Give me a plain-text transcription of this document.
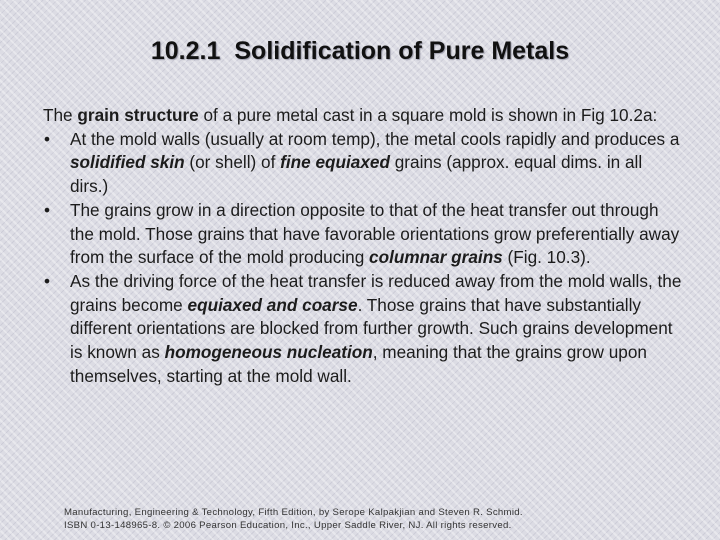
10.2.1 Solidification of Pure Metals

The grain structure of a pure metal cast in a square mold is shown in Fig 10.2a:

• At the mold walls (usually at room temp), the metal cools rapidly and produces a solidified skin (or shell) of fine equiaxed grains (approx. equal dims. in all dirs.)
• The grains grow in a direction opposite to that of the heat transfer out through the mold. Those grains that have favorable orientations grow preferentially away from the surface of the mold producing columnar grains (Fig. 10.3).
• As the driving force of the heat transfer is reduced away from the mold walls, the grains become equiaxed and coarse. Those grains that have substantially different orientations are blocked from further growth. Such grains development is known as homogeneous nucleation, meaning that the grains grow upon themselves, starting at the mold wall.
Manufacturing, Engineering & Technology, Fifth Edition, by Serope Kalpakjian and Steven R. Schmid.
ISBN 0-13-148965-8. © 2006 Pearson Education, Inc., Upper Saddle River, NJ. All rights reserved.
